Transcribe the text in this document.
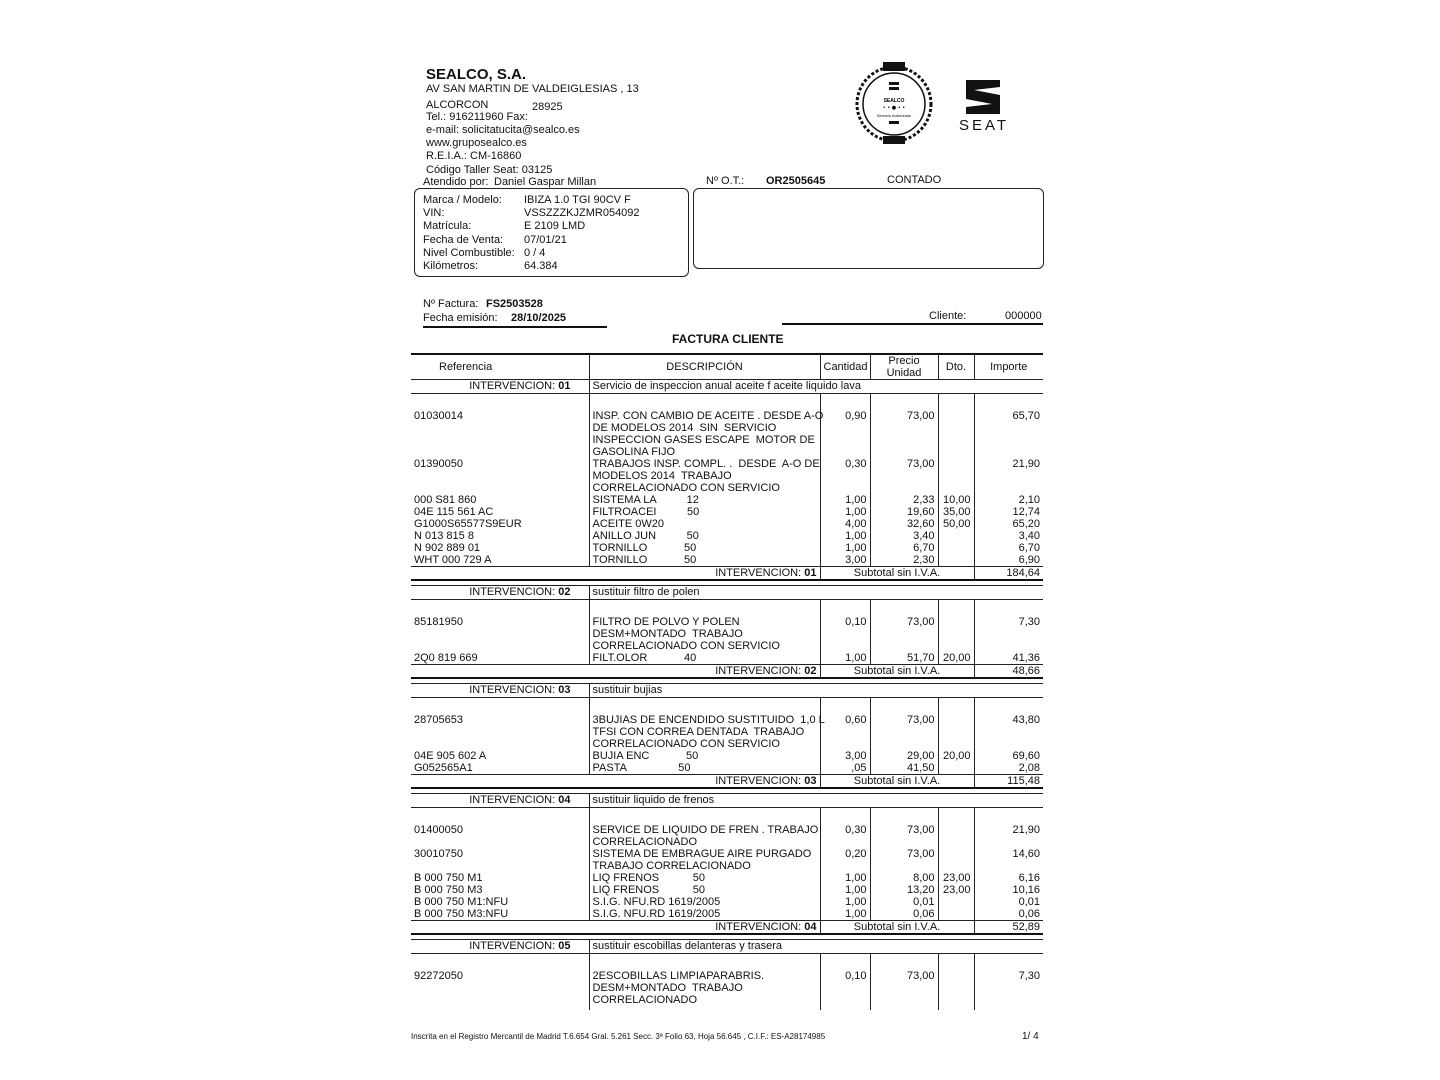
SEALCO, S.A.
AV SAN MARTIN DE VALDEIGLESIAS , 13
ALCORCON	28925
Tel.: 916211960 Fax:
e-mail: solicitatucita@sealco.es
www.gruposealco.es
R.E.I.A.: CM-16860
Código Taller Seat: 03125
Atendido por: Daniel Gaspar Millan
SEALCO
• • ● • •
Servicio Autorizado
SEAT
Nº O.T.: OR2505645	CONTADO
Marca / Modelo: IBIZA 1.0 TGI 90CV F
VIN:	VSSZZZKJZMR054092
Matrícula:	E 2109 LMD
Fecha de Venta: 07/01/21
Nivel Combustible: 0 / 4
Kilómetros:	64.384
Nº Factura: FS2503528
Fecha emisión: 28/10/2025	Cliente:	000000
FACTURA CLIENTE
Referencia	DESCRIPCIÓN	Cantidad	Precio Unidad	Dto.	Importe
INTERVENCION: 01	Servicio de inspeccion anual aceite f aceite liquido lava				

01030014	INSP. CON CAMBIO DE ACEITE . DESDE A-O
DE MODELOS 2014  SIN  SERVICIO
INSPECCION GASES ESCAPE  MOTOR DE
GASOLINA FIJO	0,90	73,00		65,70
01390050	TRABAJOS INSP. COMPL. .  DESDE  A-O DE
MODELOS 2014  TRABAJO
CORRELACIONADO CON SERVICIO	0,30	73,00		21,90
000 S81 860	SISTEMA LA          12	1,00	2,33	10,00	2,10
04E 115 561 AC	FILTROACEI          50	1,00	19,60	35,00	12,74
G1000S65577S9EUR	ACEITE 0W20	4,00	32,60	50,00	65,20
N 013 815 8	ANILLO JUN          50	1,00	3,40		3,40
N 902 889 01	TORNILLO            50	1,00	6,70		6,70
WHT 000 729 A	TORNILLO            50	3,00	2,30		6,90
INTERVENCION: 01		Subtotal sin I.V.A.			184,64

INTERVENCION: 02	sustituir filtro de polen				

85181950	FILTRO DE POLVO Y POLEN
DESM+MONTADO  TRABAJO
CORRELACIONADO CON SERVICIO	0,10	73,00		7,30
2Q0 819 669	FILT.OLOR            40	1,00	51,70	20,00	41,36
INTERVENCION: 02		Subtotal sin I.V.A.			48,66

INTERVENCION: 03	sustituir bujias				

28705653	3BUJIAS DE ENCENDIDO SUSTITUIDO  1,0 L
TFSI CON CORREA DENTADA  TRABAJO
CORRELACIONADO CON SERVICIO	0,60	73,00		43,80
04E 905 602 A	BUJIA ENC            50	3,00	29,00	20,00	69,60
G052565A1	PASTA                 50	,05	41,50		2,08
INTERVENCION: 03		Subtotal sin I.V.A.			115,48

INTERVENCION: 04	sustituir liquido de frenos				

01400050	SERVICE DE LIQUIDO DE FREN . TRABAJO
CORRELACIONADO	0,30	73,00		21,90
30010750	SISTEMA DE EMBRAGUE AIRE PURGADO
TRABAJO CORRELACIONADO	0,20	73,00		14,60
B 000 750 M1	LIQ FRENOS           50	1,00	8,00	23,00	6,16
B 000 750 M3	LIQ FRENOS           50	1,00	13,20	23,00	10,16
B 000 750 M1:NFU	S.I.G. NFU.RD 1619/2005	1,00	0,01		0,01
B 000 750 M3:NFU	S.I.G. NFU.RD 1619/2005	1,00	0,06		0,06
INTERVENCION: 04		Subtotal sin I.V.A.			52,89

INTERVENCION: 05	sustituir escobillas delanteras y trasera				

92272050	2ESCOBILLAS LIMPIAPARABRIS.
DESM+MONTADO  TRABAJO
CORRELACIONADO	0,10	73,00		7,30

Inscrita en el Registro Mercantil de Madrid T.6.654 Gral. 5.261 Secc. 3ª Folio 63, Hoja 56.645 , C.I.F.: ES-A28174985	1/ 4
